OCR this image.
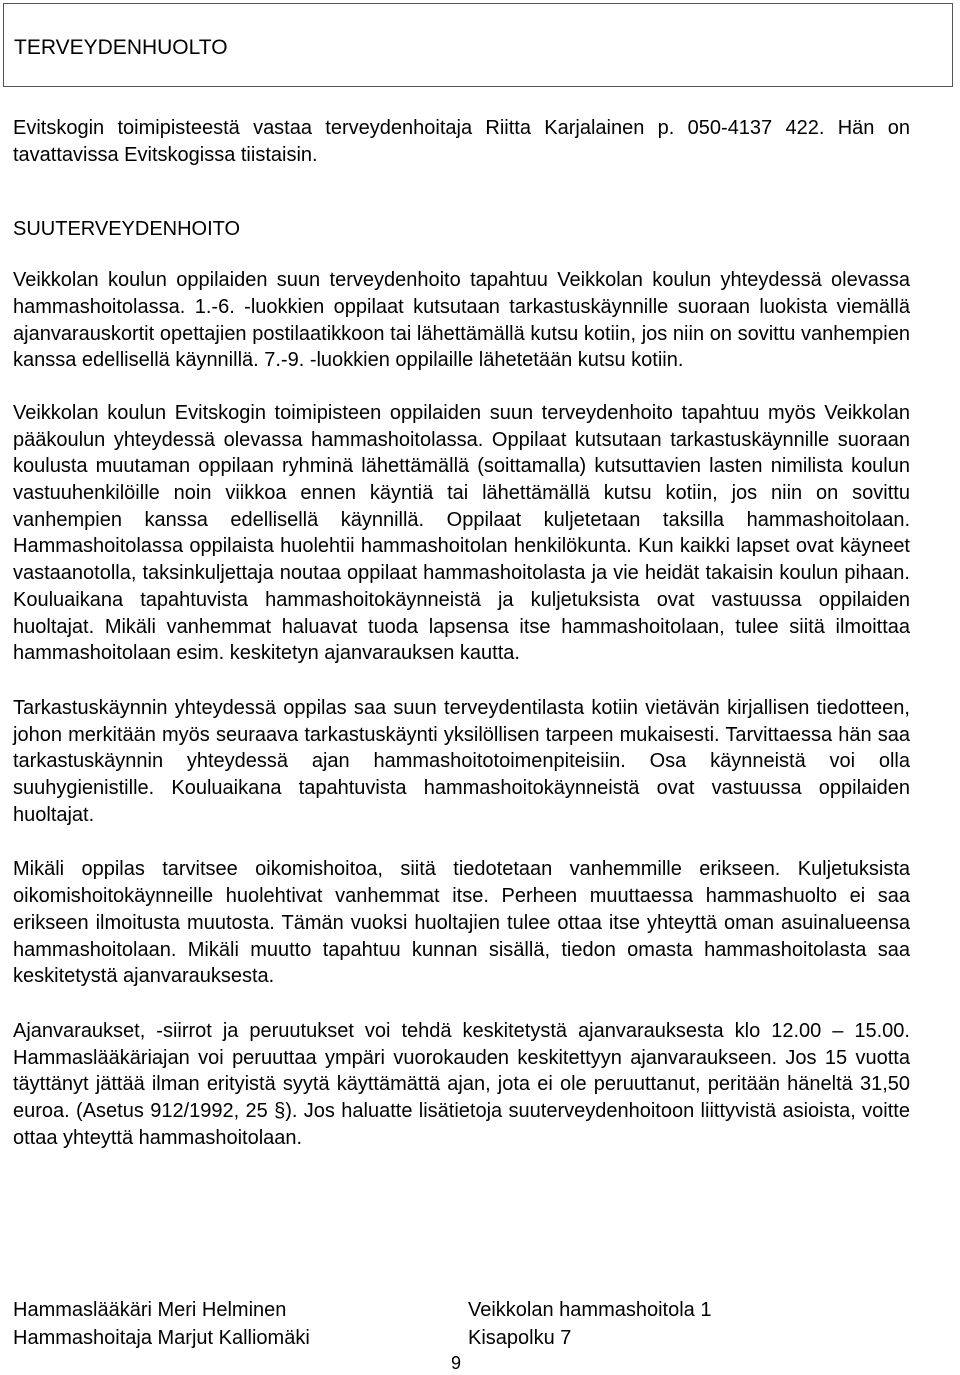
TERVEYDENHUOLTO

Evitskogin toimipisteestä vastaa terveydenhoitaja Riitta Karjalainen p. 050-4137 422. Hän on tavattavissa Evitskogissa tiistaisin.

SUUTERVEYDENHOITO

Veikkolan koulun oppilaiden suun terveydenhoito tapahtuu Veikkolan koulun yhteydessä olevassa hammashoitolassa. 1.-6. -luokkien oppilaat kutsutaan tarkastuskäynnille suoraan luokista viemällä ajanvarauskortit opettajien postilaatikkoon tai lähettämällä kutsu kotiin, jos niin on sovittu vanhempien kanssa edellisellä käynnillä. 7.-9. -luokkien oppilaille lähetetään kutsu kotiin.

Veikkolan koulun Evitskogin toimipisteen oppilaiden suun terveydenhoito tapahtuu myös Veikkolan pääkoulun yhteydessä olevassa hammashoitolassa. Oppilaat kutsutaan tarkastuskäynnille suoraan koulusta muutaman oppilaan ryhminä lähettämällä (soittamalla) kutsuttavien lasten nimilista koulun vastuuhenkilöille noin viikkoa ennen käyntiä tai lähettämällä kutsu kotiin, jos niin on sovittu vanhempien kanssa edellisellä käynnillä. Oppilaat kuljetetaan taksilla hammashoitolaan. Hammashoitolassa oppilaista huolehtii hammashoitolan henkilökunta. Kun kaikki lapset ovat käyneet vastaanotolla, taksinkuljettaja noutaa oppilaat hammashoitolasta ja vie heidät takaisin koulun pihaan. Kouluaikana tapahtuvista hammashoitokäynneistä ja kuljetuksista ovat vastuussa oppilaiden huoltajat. Mikäli vanhemmat haluavat tuoda lapsensa itse hammashoitolaan, tulee siitä ilmoittaa hammashoitolaan esim. keskitetyn ajanvarauksen kautta.

Tarkastuskäynnin yhteydessä oppilas saa suun terveydentilasta kotiin vietävän kirjallisen tiedotteen, johon merkitään myös seuraava tarkastuskäynti yksilöllisen tarpeen mukaisesti. Tarvittaessa hän saa tarkastuskäynnin yhteydessä ajan hammashoitotoimenpiteisiin. Osa käynneistä voi olla suuhygienistille. Kouluaikana tapahtuvista hammashoitokäynneistä ovat vastuussa oppilaiden huoltajat.

Mikäli oppilas tarvitsee oikomishoitoa, siitä tiedotetaan vanhemmille erikseen. Kuljetuksista oikomishoitokäynneille huolehtivat vanhemmat itse. Perheen muuttaessa hammashuolto ei saa erikseen ilmoitusta muutosta. Tämän vuoksi huoltajien tulee ottaa itse yhteyttä oman asuinalueensa hammashoitolaan. Mikäli muutto tapahtuu kunnan sisällä, tiedon omasta hammashoitolasta saa keskitetystä ajanvarauksesta.

Ajanvaraukset, -siirrot ja peruutukset voi tehdä keskitetystä ajanvarauksesta klo 12.00 – 15.00. Hammaslääkäriajan voi peruuttaa ympäri vuorokauden keskitettyyn ajanvaraukseen. Jos 15 vuotta täyttänyt jättää ilman erityistä syytä käyttämättä ajan, jota ei ole peruuttanut, peritään häneltä 31,50 euroa. (Asetus 912/1992, 25 §). Jos haluatte lisätietoja suuterveydenhoitoon liittyvistä asioista, voitte ottaa yhteyttä hammashoitolaan.

Hammaslääkäri Meri Helminen	Veikkolan hammashoitola 1
Hammashoitaja Marjut Kalliomäki	Kisapolku 7
9
